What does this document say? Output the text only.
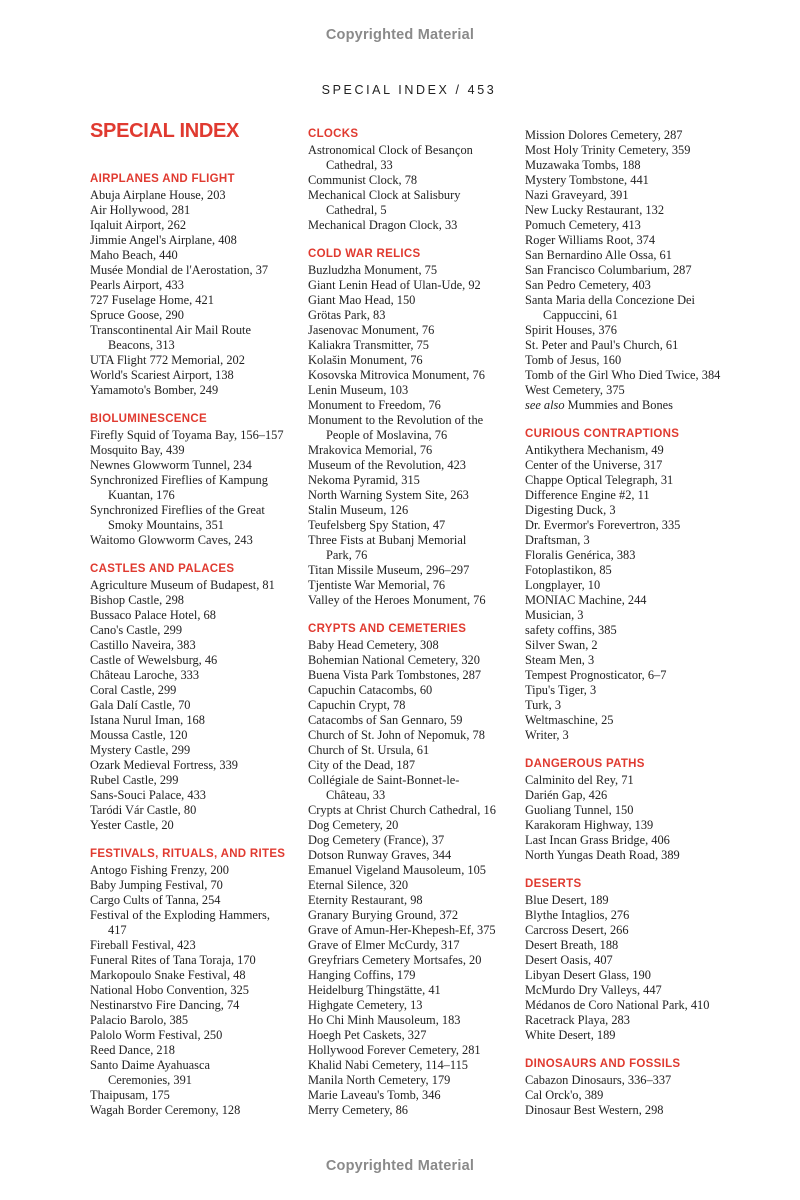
Copyrighted Material
SPECIAL INDEX / 453
SPECIAL INDEX
AIRPLANES AND FLIGHT
Abuja Airplane House, 203
Air Hollywood, 281
Iqaluit Airport, 262
Jimmie Angel's Airplane, 408
Maho Beach, 440
Musée Mondial de l'Aerostation, 37
Pearls Airport, 433
727 Fuselage Home, 421
Spruce Goose, 290
Transcontinental Air Mail Route
Beacons, 313
UTA Flight 772 Memorial, 202
World's Scariest Airport, 138
Yamamoto's Bomber, 249
BIOLUMINESCENCE
Firefly Squid of Toyama Bay, 156–157
Mosquito Bay, 439
Newnes Glowworm Tunnel, 234
Synchronized Fireflies of Kampung
Kuantan, 176
Synchronized Fireflies of the Great
Smoky Mountains, 351
Waitomo Glowworm Caves, 243
CASTLES AND PALACES
Agriculture Museum of Budapest, 81
Bishop Castle, 298
Bussaco Palace Hotel, 68
Cano's Castle, 299
Castillo Naveira, 383
Castle of Wewelsburg, 46
Château Laroche, 333
Coral Castle, 299
Gala Dalí Castle, 70
Istana Nurul Iman, 168
Moussa Castle, 120
Mystery Castle, 299
Ozark Medieval Fortress, 339
Rubel Castle, 299
Sans-Souci Palace, 433
Taródi Vár Castle, 80
Yester Castle, 20
FESTIVALS, RITUALS, AND RITES
Antogo Fishing Frenzy, 200
Baby Jumping Festival, 70
Cargo Cults of Tanna, 254
Festival of the Exploding Hammers,
417
Fireball Festival, 423
Funeral Rites of Tana Toraja, 170
Markopoulo Snake Festival, 48
National Hobo Convention, 325
Nestinarstvo Fire Dancing, 74
Palacio Barolo, 385
Palolo Worm Festival, 250
Reed Dance, 218
Santo Daime Ayahuasca
Ceremonies, 391
Thaipusam, 175
Wagah Border Ceremony, 128
CLOCKS
Astronomical Clock of Besançon
Cathedral, 33
Communist Clock, 78
Mechanical Clock at Salisbury
Cathedral, 5
Mechanical Dragon Clock, 33
COLD WAR RELICS
Buzludzha Monument, 75
Giant Lenin Head of Ulan-Ude, 92
Giant Mao Head, 150
Grötas Park, 83
Jasenovac Monument, 76
Kaliakra Transmitter, 75
Kolašin Monument, 76
Kosovska Mitrovica Monument, 76
Lenin Museum, 103
Monument to Freedom, 76
Monument to the Revolution of the
People of Moslavina, 76
Mrakovica Memorial, 76
Museum of the Revolution, 423
Nekoma Pyramid, 315
North Warning System Site, 263
Stalin Museum, 126
Teufelsberg Spy Station, 47
Three Fists at Bubanj Memorial
Park, 76
Titan Missile Museum, 296–297
Tjentiste War Memorial, 76
Valley of the Heroes Monument, 76
CRYPTS AND CEMETERIES
Baby Head Cemetery, 308
Bohemian National Cemetery, 320
Buena Vista Park Tombstones, 287
Capuchin Catacombs, 60
Capuchin Crypt, 78
Catacombs of San Gennaro, 59
Church of St. John of Nepomuk, 78
Church of St. Ursula, 61
City of the Dead, 187
Collégiale de Saint-Bonnet-le-
Château, 33
Crypts at Christ Church Cathedral, 16
Dog Cemetery, 20
Dog Cemetery (France), 37
Dotson Runway Graves, 344
Emanuel Vigeland Mausoleum, 105
Eternal Silence, 320
Eternity Restaurant, 98
Granary Burying Ground, 372
Grave of Amun-Her-Khepesh-Ef, 375
Grave of Elmer McCurdy, 317
Greyfriars Cemetery Mortsafes, 20
Hanging Coffins, 179
Heidelburg Thingstätte, 41
Highgate Cemetery, 13
Ho Chi Minh Mausoleum, 183
Hoegh Pet Caskets, 327
Hollywood Forever Cemetery, 281
Khalid Nabi Cemetery, 114–115
Manila North Cemetery, 179
Marie Laveau's Tomb, 346
Merry Cemetery, 86
Mission Dolores Cemetery, 287
Most Holy Trinity Cemetery, 359
Muzawaka Tombs, 188
Mystery Tombstone, 441
Nazi Graveyard, 391
New Lucky Restaurant, 132
Pomuch Cemetery, 413
Roger Williams Root, 374
San Bernardino Alle Ossa, 61
San Francisco Columbarium, 287
San Pedro Cemetery, 403
Santa Maria della Concezione Dei
Cappuccini, 61
Spirit Houses, 376
St. Peter and Paul's Church, 61
Tomb of Jesus, 160
Tomb of the Girl Who Died Twice, 384
West Cemetery, 375
see also Mummies and Bones
CURIOUS CONTRAPTIONS
Antikythera Mechanism, 49
Center of the Universe, 317
Chappe Optical Telegraph, 31
Difference Engine #2, 11
Digesting Duck, 3
Dr. Evermor's Forevertron, 335
Draftsman, 3
Floralis Genérica, 383
Fotoplastikon, 85
Longplayer, 10
MONIAC Machine, 244
Musician, 3
safety coffins, 385
Silver Swan, 2
Steam Men, 3
Tempest Prognosticator, 6–7
Tipu's Tiger, 3
Turk, 3
Weltmaschine, 25
Writer, 3
DANGEROUS PATHS
Calminito del Rey, 71
Darién Gap, 426
Guoliang Tunnel, 150
Karakoram Highway, 139
Last Incan Grass Bridge, 406
North Yungas Death Road, 389
DESERTS
Blue Desert, 189
Blythe Intaglios, 276
Carcross Desert, 266
Desert Breath, 188
Desert Oasis, 407
Libyan Desert Glass, 190
McMurdo Dry Valleys, 447
Médanos de Coro National Park, 410
Racetrack Playa, 283
White Desert, 189
DINOSAURS AND FOSSILS
Cabazon Dinosaurs, 336–337
Cal Orck'o, 389
Dinosaur Best Western, 298
Copyrighted Material
